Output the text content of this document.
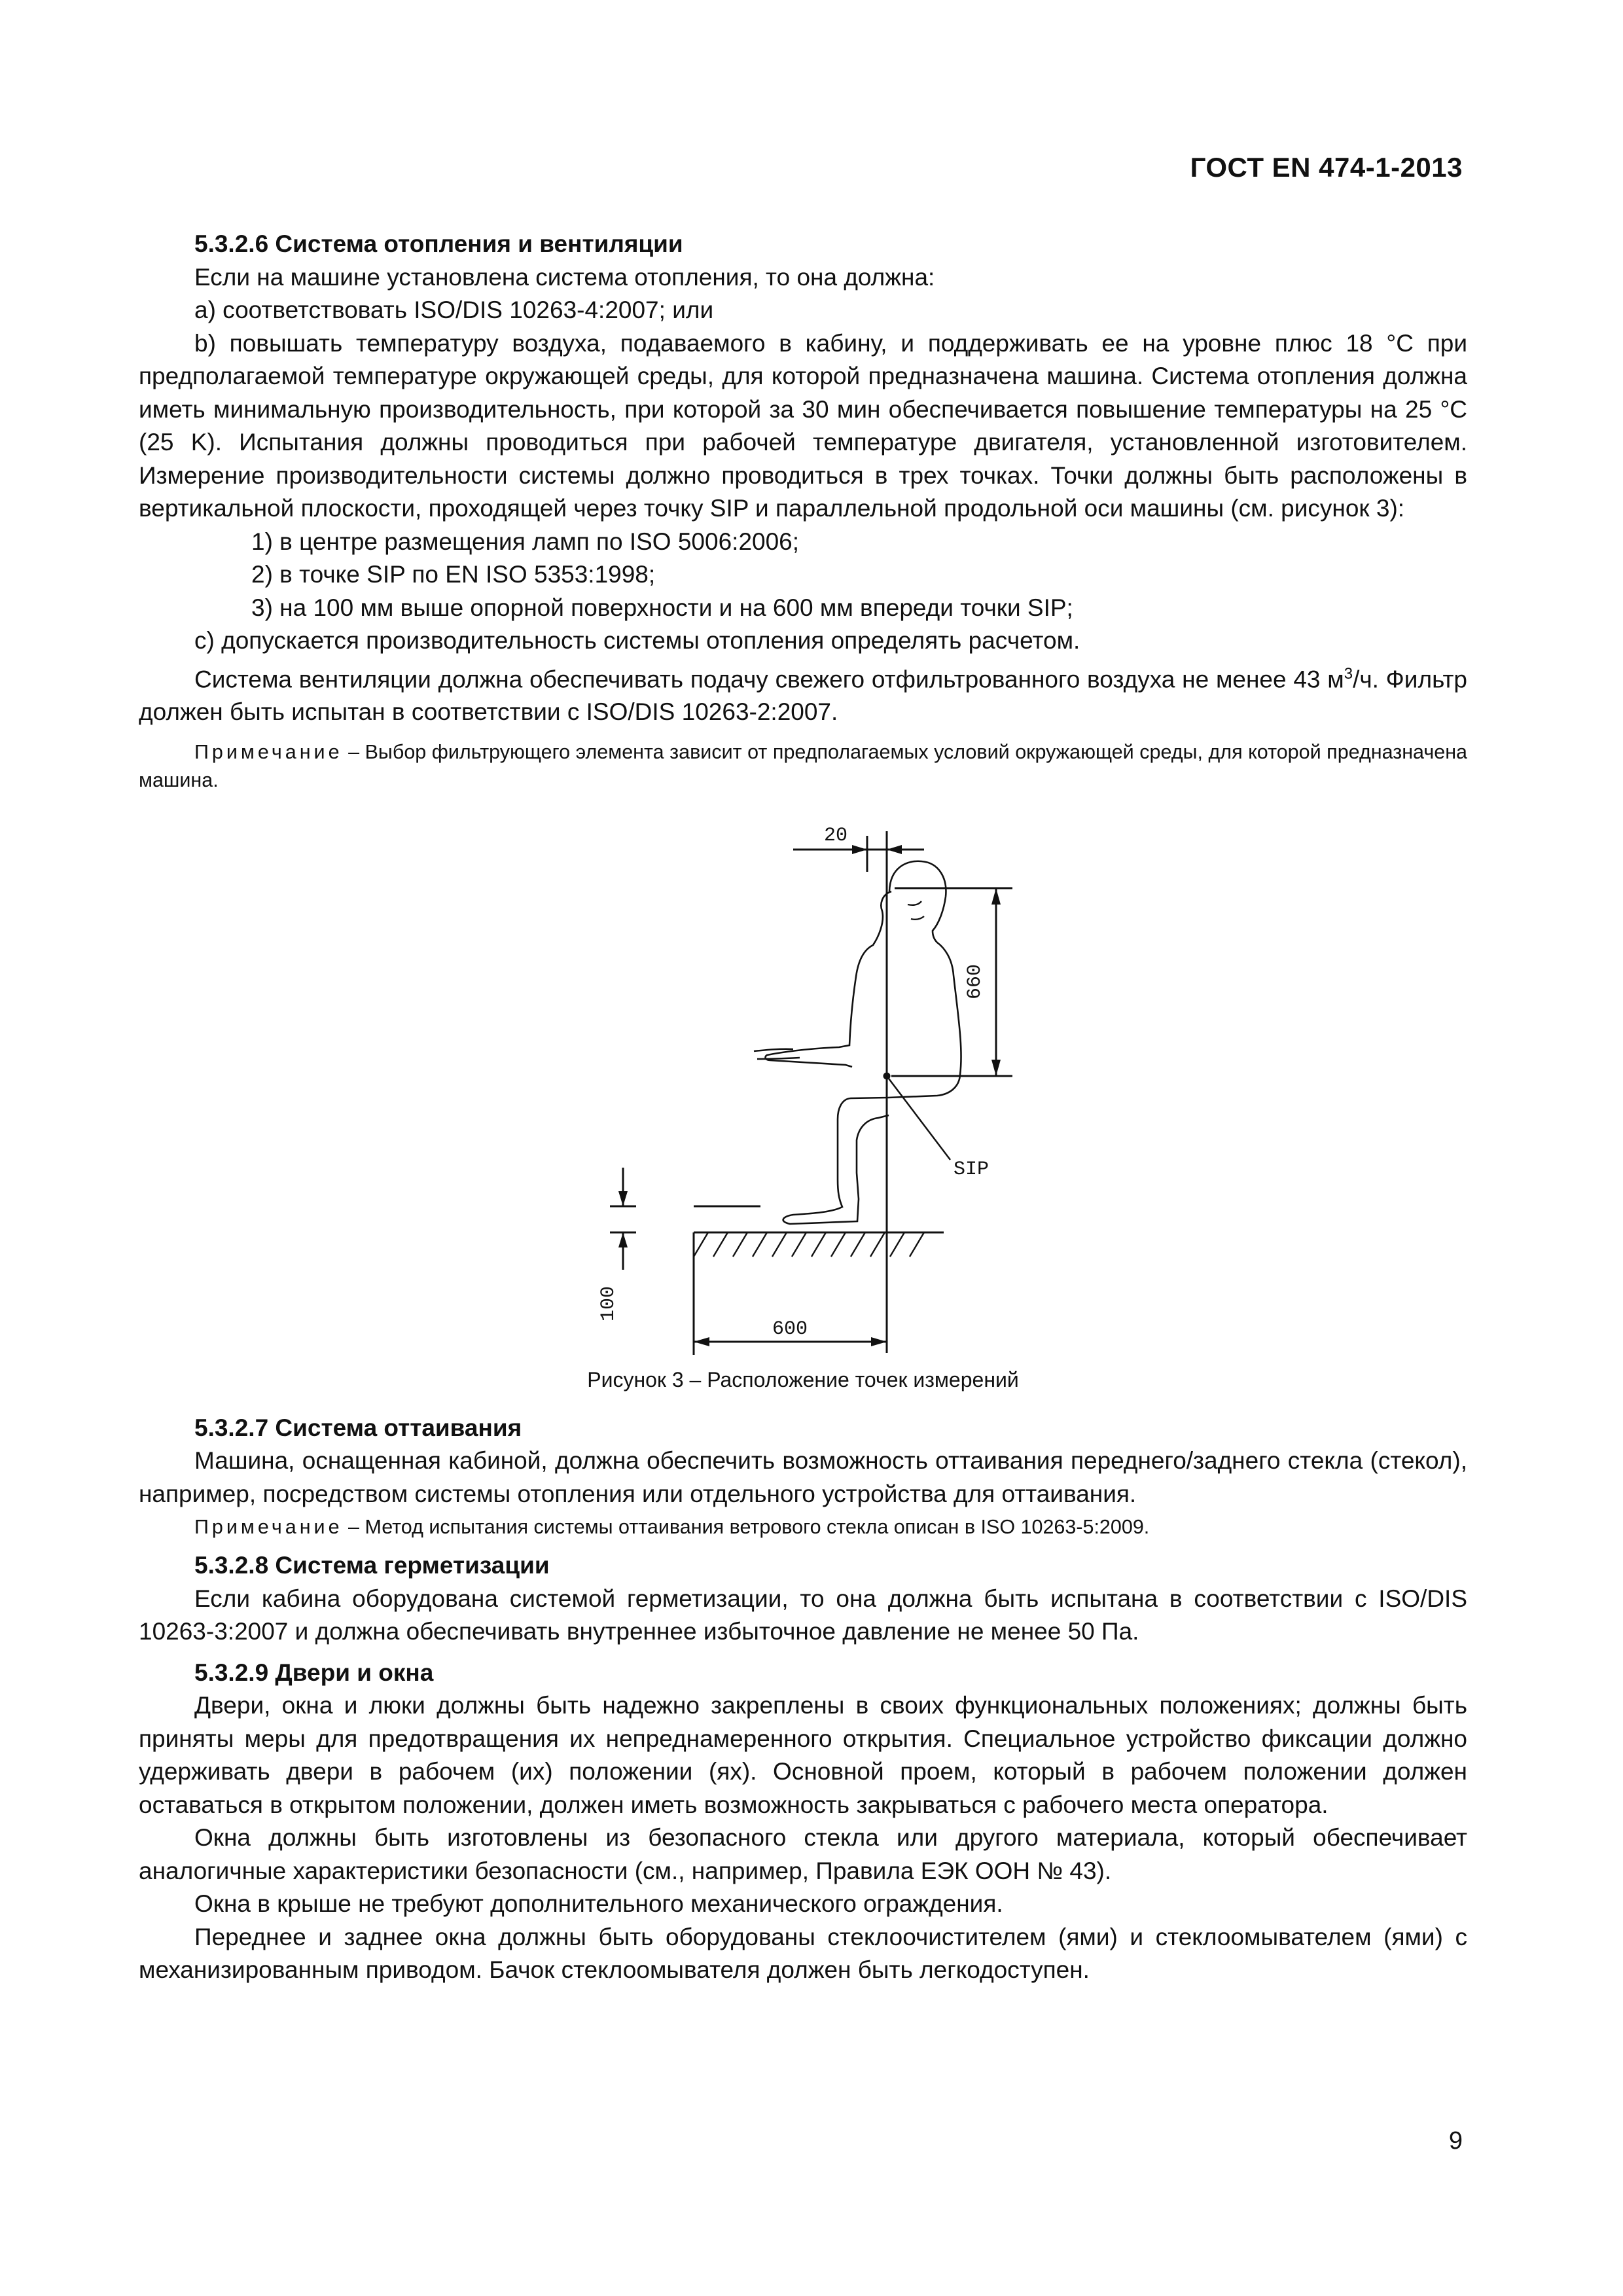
ГОСТ EN 474-1-2013

5.3.2.6 Система отопления и вентиляции

Если на машине установлена система отопления, то она должна:

а) соответствовать ISO/DIS 10263-4:2007; или

b) повышать температуру воздуха, подаваемого в кабину, и поддерживать ее на уровне плюс 18 °С при предполагаемой температуре окружающей среды, для которой предназначена машина. Система отопления должна иметь минимальную производительность, при которой за 30 мин обеспечивается повышение температуры на 25 °С (25 K). Испытания должны проводиться при рабочей температуре двигателя, установленной изготовителем. Измерение производительности системы должно проводиться в трех точках. Точки должны быть расположены в вертикальной плоскости, проходящей через точку SIP и параллельной продольной оси машины (см. рисунок 3):

1) в центре размещения ламп по ISO 5006:2006;

2) в точке SIP по EN ISO 5353:1998;

3) на 100 мм выше опорной поверхности и на 600 мм впереди точки SIP;

с) допускается производительность системы отопления определять расчетом.

Система вентиляции должна обеспечивать подачу свежего отфильтрованного воздуха не менее 43 $м^3/ч$. Фильтр должен быть испытан в соответствии с ISO/DIS 10263-2:2007.

Примечание – Выбор фильтрующего элемента зависит от предполагаемых условий окружающей среды, для которой предназначена машина.

20
660
100
600
SIP

Рисунок 3 – Расположение точек измерений

5.3.2.7 Система оттаивания

Машина, оснащенная кабиной, должна обеспечить возможность оттаивания переднего/заднего стекла (стекол), например, посредством системы отопления или отдельного устройства для оттаивания.

Примечание – Метод испытания системы оттаивания ветрового стекла описан в ISO 10263-5:2009.

5.3.2.8 Система герметизации

Если кабина оборудована системой герметизации, то она должна быть испытана в соответствии с ISO/DIS 10263-3:2007 и должна обеспечивать внутреннее избыточное давление не менее 50 Па.

5.3.2.9 Двери и окна

Двери, окна и люки должны быть надежно закреплены в своих функциональных положениях; должны быть приняты меры для предотвращения их непреднамеренного открытия. Специальное устройство фиксации должно удерживать двери в рабочем (их) положении (ях). Основной проем, который в рабочем положении должен оставаться в открытом положении, должен иметь возможность закрываться с рабочего места оператора.

Окна должны быть изготовлены из безопасного стекла или другого материала, который обеспечивает аналогичные характеристики безопасности (см., например, Правила ЕЭК ООН № 43).

Окна в крыше не требуют дополнительного механического ограждения.

Переднее и заднее окна должны быть оборудованы стеклоочистителем (ями) и стеклоомывателем (ями) с механизированным приводом. Бачок стеклоомывателя должен быть легкодоступен.

9
